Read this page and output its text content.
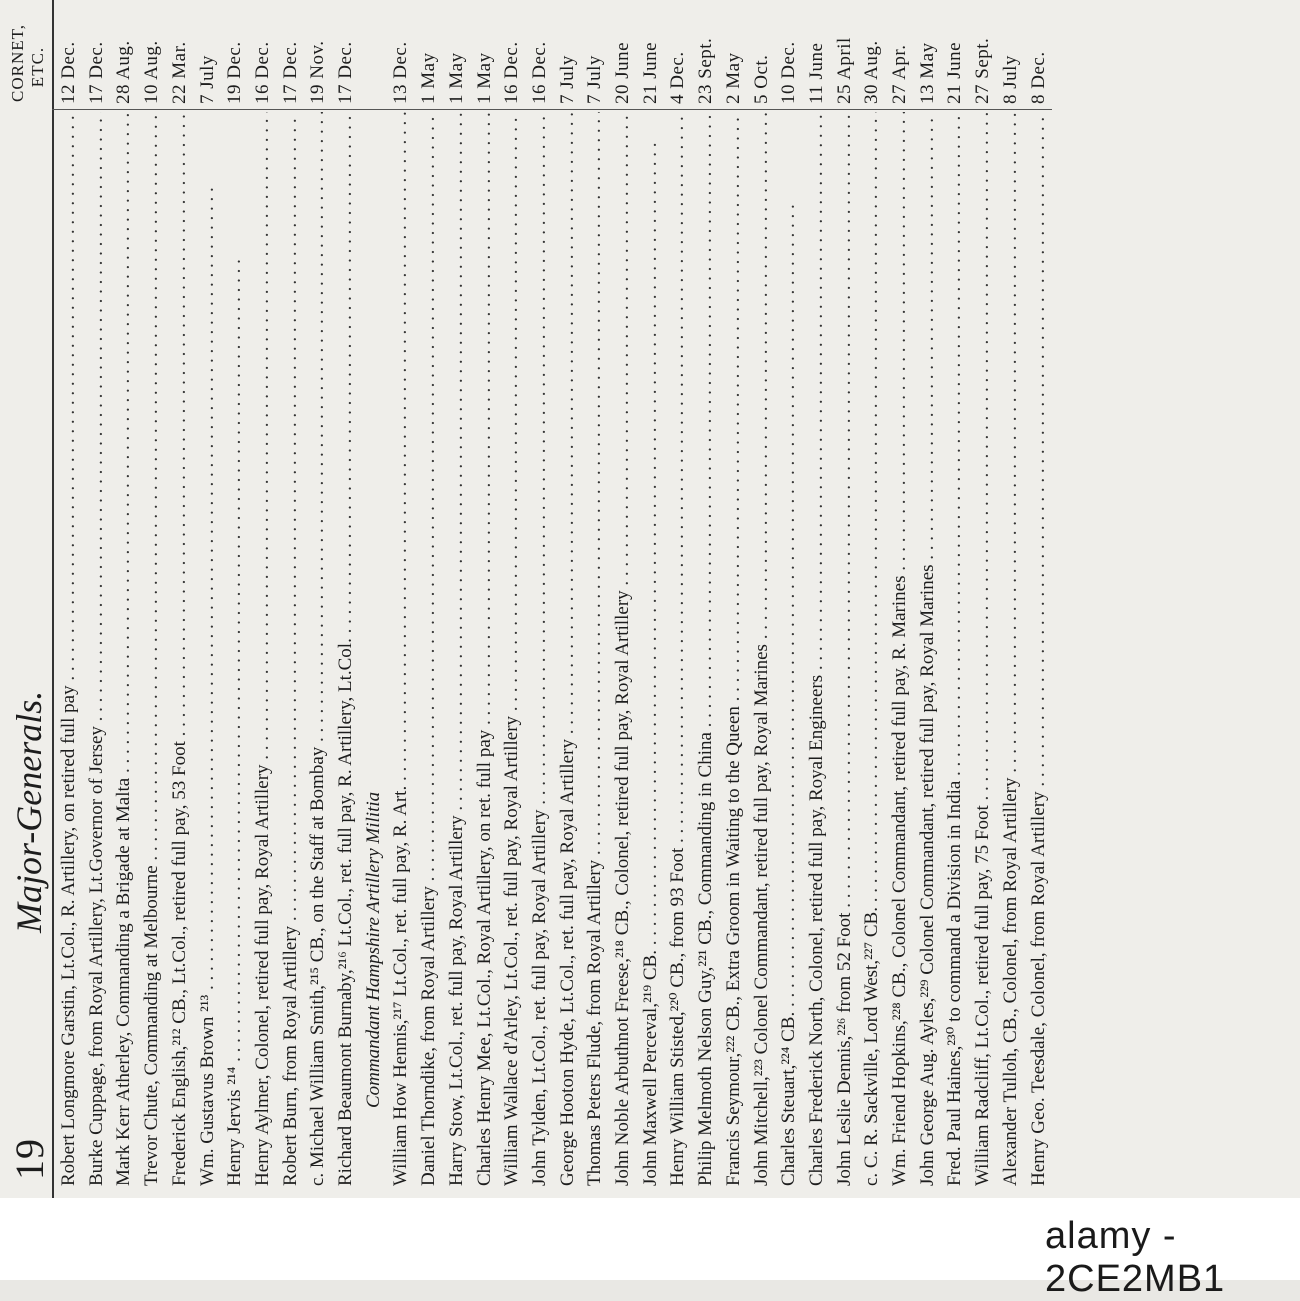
19
Major-Generals.
CORNET, ETC.
Robert Longmore Garstin, Lt.Col., R. Artillery, on retired full pay . . .
12 Dec.
Burke Cuppage, from Royal Artillery, Lt.Governor of Jersey . . .
17 Dec.
Mark Kerr Atherley, Commanding a Brigade at Malta . . .
28 Aug.
Trevor Chute, Commanding at Melbourne . . .
10 Aug.
Frederick English,²¹² CB., Lt.Col., retired full pay, 53 Foot . . .
22 Mar.
Wm. Gustavus Brown ²¹³ . . .
7 July
Henry Jervis ²¹⁴ . . .
19 Dec.
Henry Aylmer, Colonel, retired full pay, Royal Artillery . . .
16 Dec.
Robert Burn, from Royal Artillery . . .
17 Dec.
c. Michael William Smith,²¹⁵ CB., on the Staff at Bombay . . .
19 Nov.
Richard Beaumont Burnaby,²¹⁶ Lt.Col., ret. full pay, R. Artillery, Lt.Col. . . .
17 Dec.
Commandant Hampshire Artillery Militia William How Hennis,²¹⁷ Lt.Col., ret. full pay, R. Art. . . .
13 Dec.
Daniel Thorndike, from Royal Artillery . . .
1 May
Harry Stow, Lt.Col., ret. full pay, Royal Artillery . . .
1 May
Charles Henry Mee, Lt.Col., Royal Artillery, on ret. full pay . . .
1 May
William Wallace d'Arley, Lt.Col., ret. full pay, Royal Artillery . . .
16 Dec.
John Tylden, Lt.Col., ret. full pay, Royal Artillery . . .
16 Dec.
George Hooton Hyde, Lt.Col., ret. full pay, Royal Artillery . . .
7 July
Thomas Peters Flude, from Royal Artillery . . .
7 July
John Noble Arbuthnot Freese,²¹⁸ CB., Colonel, retired full pay, Royal Artillery . . .
20 June
John Maxwell Perceval,²¹⁹ CB. . . .
21 June
Henry William Stisted,²²⁰ CB., from 93 Foot . . .
4 Dec.
Philip Melmoth Nelson Guy,²²¹ CB., Commanding in China . . .
23 Sept.
Francis Seymour,²²² CB., Extra Groom in Waiting to the Queen . . .
2 May
John Mitchell,²²³ Colonel Commandant, retired full pay, Royal Marines . . .
5 Oct.
Charles Steuart,²²⁴ CB. . . .
10 Dec.
Charles Frederick North, Colonel, retired full pay, Royal Engineers . . .
11 June
John Leslie Dennis,²²⁶ from 52 Foot . . .
25 April
c. C. R. Sackville, Lord West,²²⁷ CB. . . .
30 Aug.
Wm. Friend Hopkins,²²⁸ CB., Colonel Commandant, retired full pay, R. Marines . . .
27 Apr.
John George Aug. Ayles,²²⁹ Colonel Commandant, retired full pay, Royal Marines . . .
13 May
Fred. Paul Haines,²³⁰ to command a Division in India . . .
21 June
William Radcliff, Lt.Col., retired full pay, 75 Foot . . .
27 Sept.
Alexander Tulloh, CB., Colonel, from Royal Artillery . . .
8 July
Henry Geo. Teesdale, Colonel, from Royal Artillery . . .
8 Dec.
alamy - 2CE2MB1
